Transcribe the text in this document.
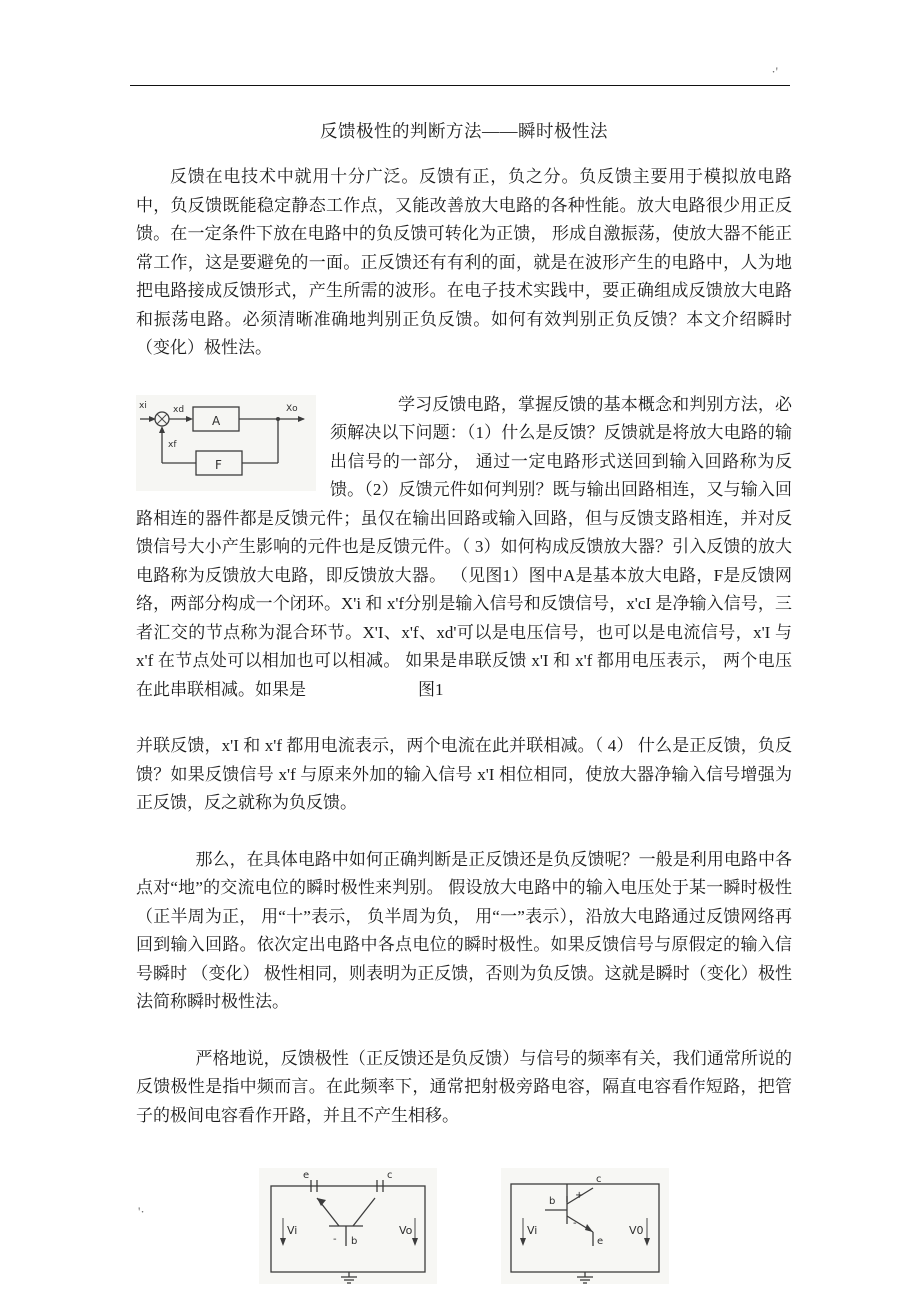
·'
'·
反馈极性的判断方法——瞬时极性法

反馈在电技术中就用十分广泛。反馈有正，负之分。负反馈主要用于模拟放电路中，负反馈既能稳定静态工作点，又能改善放大电路的各种性能。放大电路很少用正反馈。在一定条件下放在电路中的负反馈可转化为正馈， 形成自激振荡，使放大器不能正常工作，这是要避免的一面。正反馈还有有利的面，就是在波形产生的电路中，人为地把电路接成反馈形式，产生所需的波形。在电子技术实践中，要正确组成反馈放大电路和振荡电路。必须清晰准确地判别正负反馈。如何有效判别正负反馈？本文介绍瞬时（变化）极性法。

A
F
xi	xd	Xo
xf

学习反馈电路，掌握反馈的基本概念和判别方法，必须解决以下问题：（1）什么是反馈？反馈就是将放大电路的输出信号的一部分， 通过一定电路形式送回到输入回路称为反馈。（2）反馈元件如何判别？既与输出回路相连，又与输入回路相连的器件都是反馈元件；虽仅在输出回路或输入回路，但与反馈支路相连，并对反馈信号大小产生影响的元件也是反馈元件。（ 3）如何构成反馈放大器？引入反馈的放大电路称为反馈放大电路，即反馈放大器。 （见图1）图中A是基本放大电路，F是反馈网络，两部分构成一个闭环。X'i 和 x'f分别是输入信号和反馈信号，x'cI 是净输入信号，三者汇交的节点称为混合环节。X'I、x'f、xd'可以是电压信号，也可以是电流信号，x'I 与 x'f 在节点处可以相加也可以相减。 如果是串联反馈 x'I 和 x'f 都用电压表示， 两个电压在此串联相减。如果是	图1

并联反馈，x'I 和 x'f 都用电流表示，两个电流在此并联相减。（ 4） 什么是正反馈，负反馈？如果反馈信号 x'f 与原来外加的输入信号 x'I 相位相同，使放大器净输入信号增强为正反馈，反之就称为负反馈。

那么，在具体电路中如何正确判断是正反馈还是负反馈呢？一般是利用电路中各点对“地”的交流电位的瞬时极性来判别。 假设放大电路中的输入电压处于某一瞬时极性 （正半周为正， 用“十”表示， 负半周为负， 用“一”表示），沿放大电路通过反馈网络再回到输入回路。依次定出电路中各点电位的瞬时极性。如果反馈信号与原假定的输入信号瞬时 （变化） 极性相同，则表明为正反馈，否则为负反馈。这就是瞬时（变化）极性法简称瞬时极性法。

严格地说，反馈极性（正反馈还是负反馈）与信号的频率有关，我们通常所说的反馈极性是指中频而言。在此频率下，通常把射极旁路电容，隔直电容看作短路，把管子的极间电容看作开路，并且不产生相移。

e	c
- b
Vi	Vo
b
c
+
-
e
Vi	V0
